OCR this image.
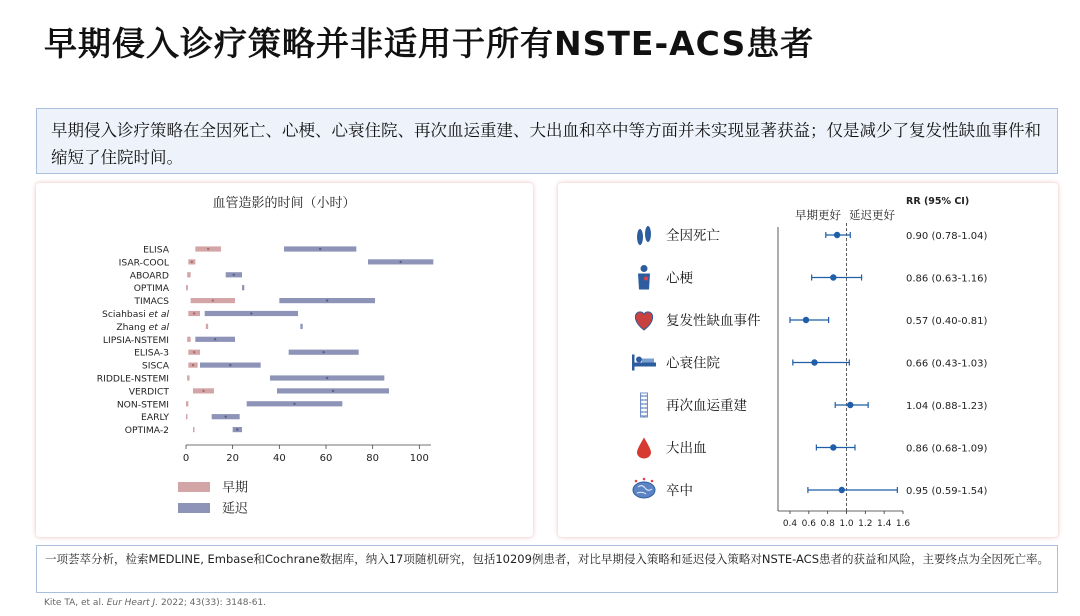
早期侵入诊疗策略并非适用于所有NSTE-ACS患者
早期侵入诊疗策略在全因死亡、心梗、心衰住院、再次血运重建、大出血和卒中等方面并未实现显著获益；仅是减少了复发性缺血事件和缩短了住院时间。
血管造影的时间（小时）
ELISA
ISAR-COOL
ABOARD
OPTIMA
TIMACS
Sciahbasi et al
Zhang et al
LIPSIA-NSTEMI
ELISA-3
SISCA
RIDDLE-NSTEMI
VERDICT
NON-STEMI
EARLY
OPTIMA-2
0	20	40	60	80	100
早期
延迟
RR (95% CI)
早期更好 延迟更好
0.4 0.6 0.8 1.0 1.2 1.4 1.6
全因死亡	0.90 (0.78-1.04)
心梗	0.86 (0.63-1.16)
复发性缺血事件	0.57 (0.40-0.81)
心衰住院	0.66 (0.43-1.03)
再次血运重建	1.04 (0.88-1.23)
大出血	0.86 (0.68-1.09)
卒中	0.95 (0.59-1.54)
一项荟萃分析，检索MEDLINE, Embase和Cochrane数据库，纳入17项随机研究，包括10209例患者，对比早期侵入策略和延迟侵入策略对NSTE-ACS患者的获益和风险，主要终点为全因死亡率。
Kite TA, et al. Eur Heart J. 2022; 43(33): 3148-61.
